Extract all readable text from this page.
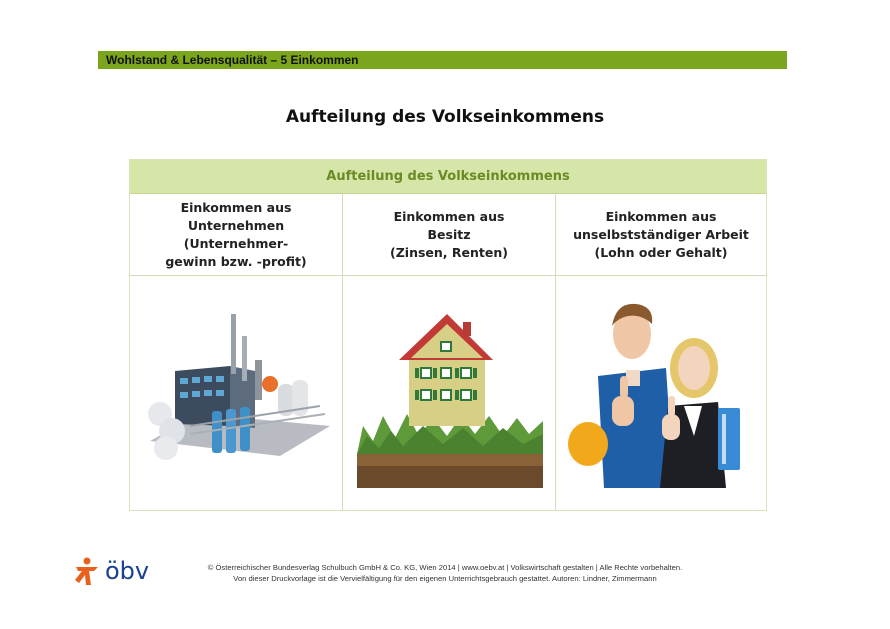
Wohlstand & Lebensqualität – 5 Einkommen
Aufteilung des Volkseinkommens
Aufteilung des Volkseinkommens
Einkommen aus
Unternehmen
(Unternehmer-
gewinn bzw. -profit)
Einkommen aus
Besitz
(Zinsen, Renten)
Einkommen aus
unselbstständiger Arbeit
(Lohn oder Gehalt)
öbv	© Österreichischer Bundesverlag Schulbuch GmbH & Co. KG, Wien 2014 | www.oebv.at | Volkswirtschaft gestalten | Alle Rechte vorbehalten.
Von dieser Druckvorlage ist die Vervielfältigung für den eigenen Unterrichtsgebrauch gestattet. Autoren: Lindner, Zimmermann
